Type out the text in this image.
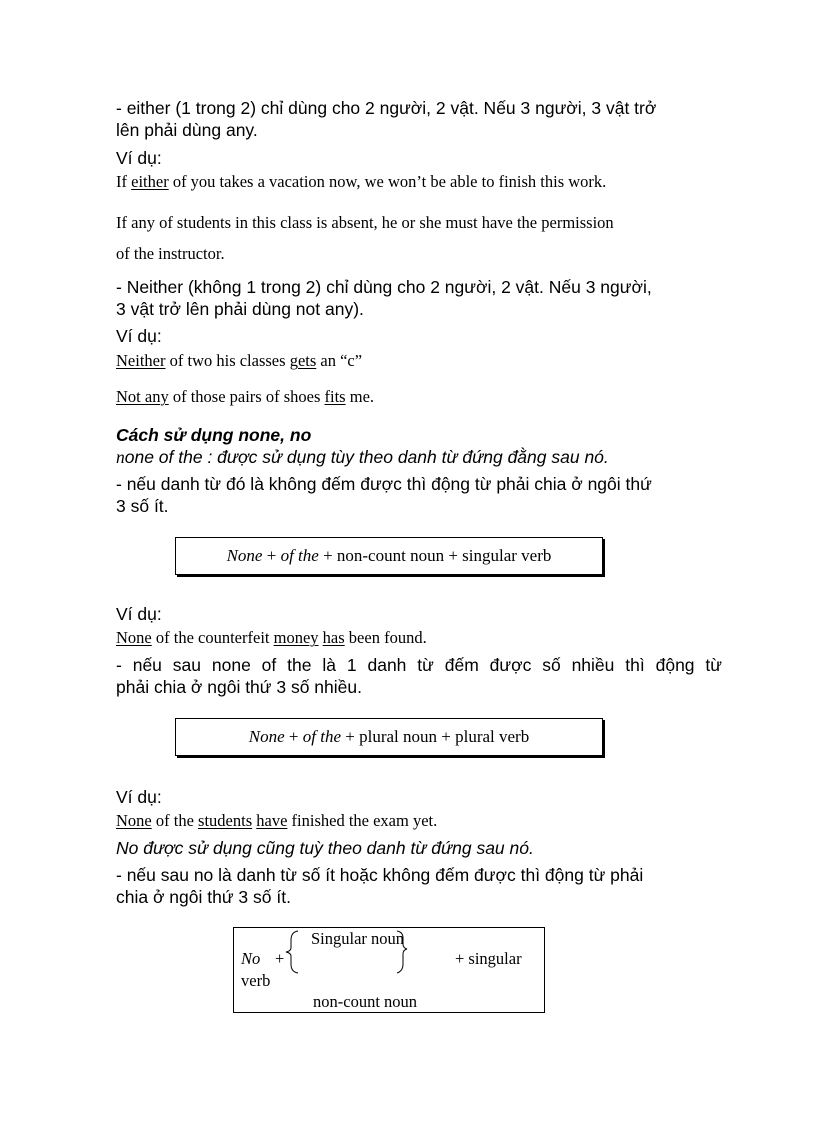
- either (1 trong 2) chỉ dùng cho 2 người, 2 vật. Nếu 3 người, 3 vật trở
lên phải dùng any.
Ví dụ:
If either of you takes a vacation now, we won’t be able to finish this work.
If any of students in this class is absent, he or she must have the permission
of the instructor.
- Neither (không 1 trong 2) chỉ dùng cho 2 người, 2 vật. Nếu 3 người,
3 vật trở lên phải dùng not any).
Ví dụ:
Neither of two his classes gets an “c”
Not any of those pairs of shoes fits me.
Cách sử dụng none, no
none of the : được sử dụng tùy theo danh từ đứng đằng sau nó.
- nếu danh từ đó là không đếm được thì động từ phải chia ở ngôi thứ
3 số ít.
None + of the + non-count noun + singular verb
Ví dụ:
None of the counterfeit money has been found.
- nếu sau none of the là 1 danh từ đếm được số nhiều thì động từ
phải chia ở ngôi thứ 3 số nhiều.
None + of the + plural noun + plural verb
Ví dụ:
None of the students have finished the exam yet.
No được sử dụng cũng tuỳ theo danh từ đứng sau nó.
- nếu sau no là danh từ số ít hoặc không đếm được thì động từ phải
chia ở ngôi thứ 3 số ít.
No +
Singular noun
+ singular
verb
non-count noun
